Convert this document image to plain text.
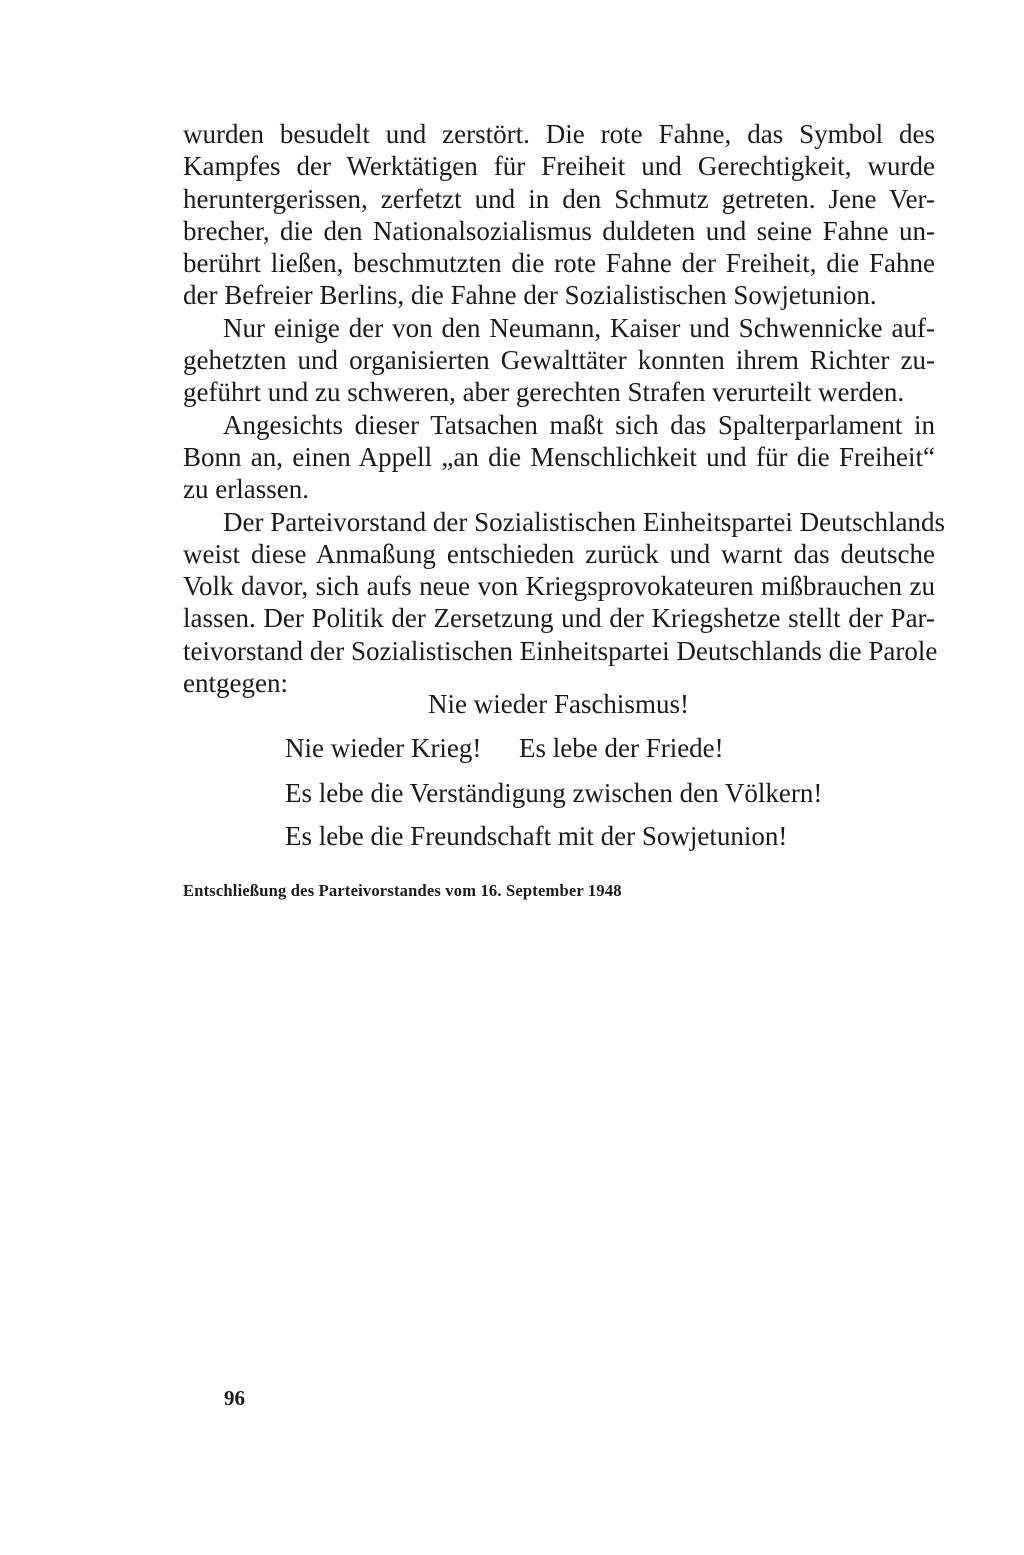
wurden besudelt und zerstört. Die rote Fahne, das Symbol des
Kampfes der Werktätigen für Freiheit und Gerechtigkeit, wurde
heruntergerissen, zerfetzt und in den Schmutz getreten. Jene Ver-
brecher, die den Nationalsozialismus duldeten und seine Fahne un-
berührt ließen, beschmutzten die rote Fahne der Freiheit, die Fahne
der Befreier Berlins, die Fahne der Sozialistischen Sowjetunion.
Nur einige der von den Neumann, Kaiser und Schwennicke auf-
gehetzten und organisierten Gewalttäter konnten ihrem Richter zu-
geführt und zu schweren, aber gerechten Strafen verurteilt werden.
Angesichts dieser Tatsachen maßt sich das Spalterparlament in
Bonn an, einen Appell „an die Menschlichkeit und für die Freiheit“
zu erlassen.
Der Parteivorstand der Sozialistischen Einheitspartei Deutschlands
weist diese Anmaßung entschieden zurück und warnt das deutsche
Volk davor, sich aufs neue von Kriegsprovokateuren mißbrauchen zu
lassen. Der Politik der Zersetzung und der Kriegshetze stellt der Par-
teivorstand der Sozialistischen Einheitspartei Deutschlands die Parole
entgegen:
Nie wieder Faschismus!
Nie wieder Krieg! Es lebe der Friede!
Es lebe die Verständigung zwischen den Völkern!
Es lebe die Freundschaft mit der Sowjetunion!
Entschließung des Parteivorstandes vom 16. September 1948
96
